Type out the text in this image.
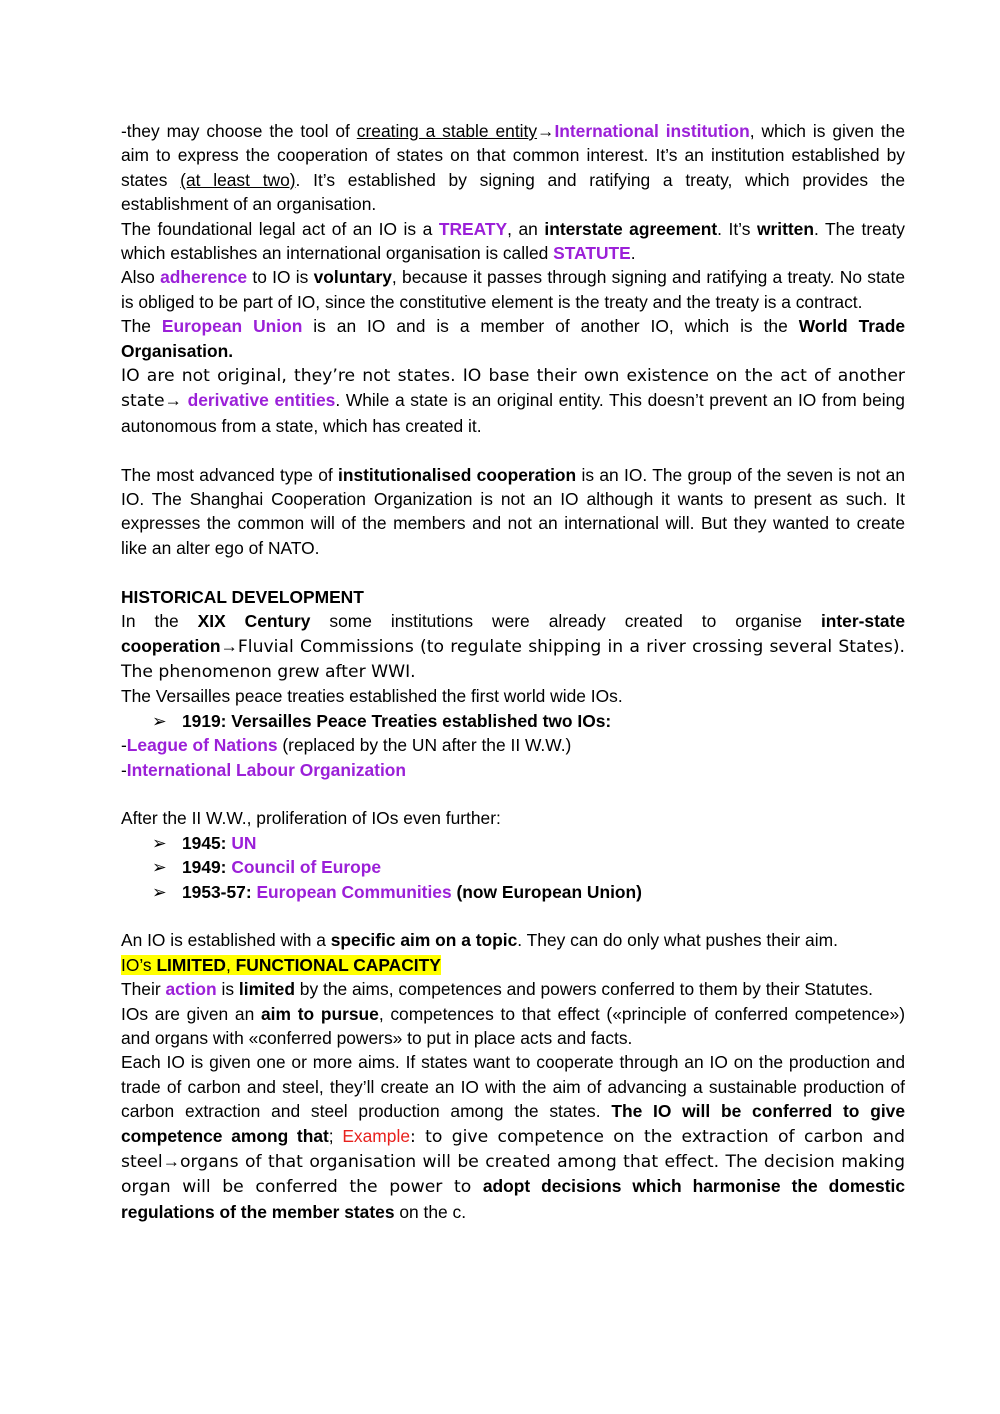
-they may choose the tool of creating a stable entity→International institution, which is given the aim to express the cooperation of states on that common interest. It’s an institution established by states (at least two). It’s established by signing and ratifying a treaty, which provides the establishment of an organisation.

The foundational legal act of an IO is a TREATY, an interstate agreement. It’s written. The treaty which establishes an international organisation is called STATUTE.

Also adherence to IO is voluntary, because it passes through signing and ratifying a treaty. No state is obliged to be part of IO, since the constitutive element is the treaty and the treaty is a contract.

The European Union is an IO and is a member of another IO, which is the World Trade Organisation.

IO are not original, they’re not states. IO base their own existence on the act of another state→ derivative entities. While a state is an original entity. This doesn’t prevent an IO from being autonomous from a state, which has created it.

The most advanced type of institutionalised cooperation is an IO. The group of the seven is not an IO. The Shanghai Cooperation Organization is not an IO although it wants to present as such. It expresses the common will of the members and not an international will. But they wanted to create like an alter ego of NATO.

HISTORICAL DEVELOPMENT

In the XIX Century some institutions were already created to organise inter-state cooperation→Fluvial Commissions (to regulate shipping in a river crossing several States). The phenomenon grew after WWI.

The Versailles peace treaties established the first world wide IOs.

➢ 1919: Versailles Peace Treaties established two IOs:

-League of Nations (replaced by the UN after the II W.W.)

-International Labour Organization

After the II W.W., proliferation of IOs even further:

➢ 1945: UN

➢ 1949: Council of Europe

➢ 1953-57: European Communities (now European Union)

An IO is established with a specific aim on a topic. They can do only what pushes their aim.

IO’s LIMITED, FUNCTIONAL CAPACITY

Their action is limited by the aims, competences and powers conferred to them by their Statutes.

IOs are given an aim to pursue, competences to that effect («principle of conferred competence») and organs with «conferred powers» to put in place acts and facts.

Each IO is given one or more aims. If states want to cooperate through an IO on the production and trade of carbon and steel, they’ll create an IO with the aim of advancing a sustainable production of carbon extraction and steel production among the states. The IO will be conferred to give competence among that; Example: to give competence on the extraction of carbon and steel→organs of that organisation will be created among that effect. The decision making organ will be conferred the power to adopt decisions which harmonise the domestic regulations of the member states on the c.
